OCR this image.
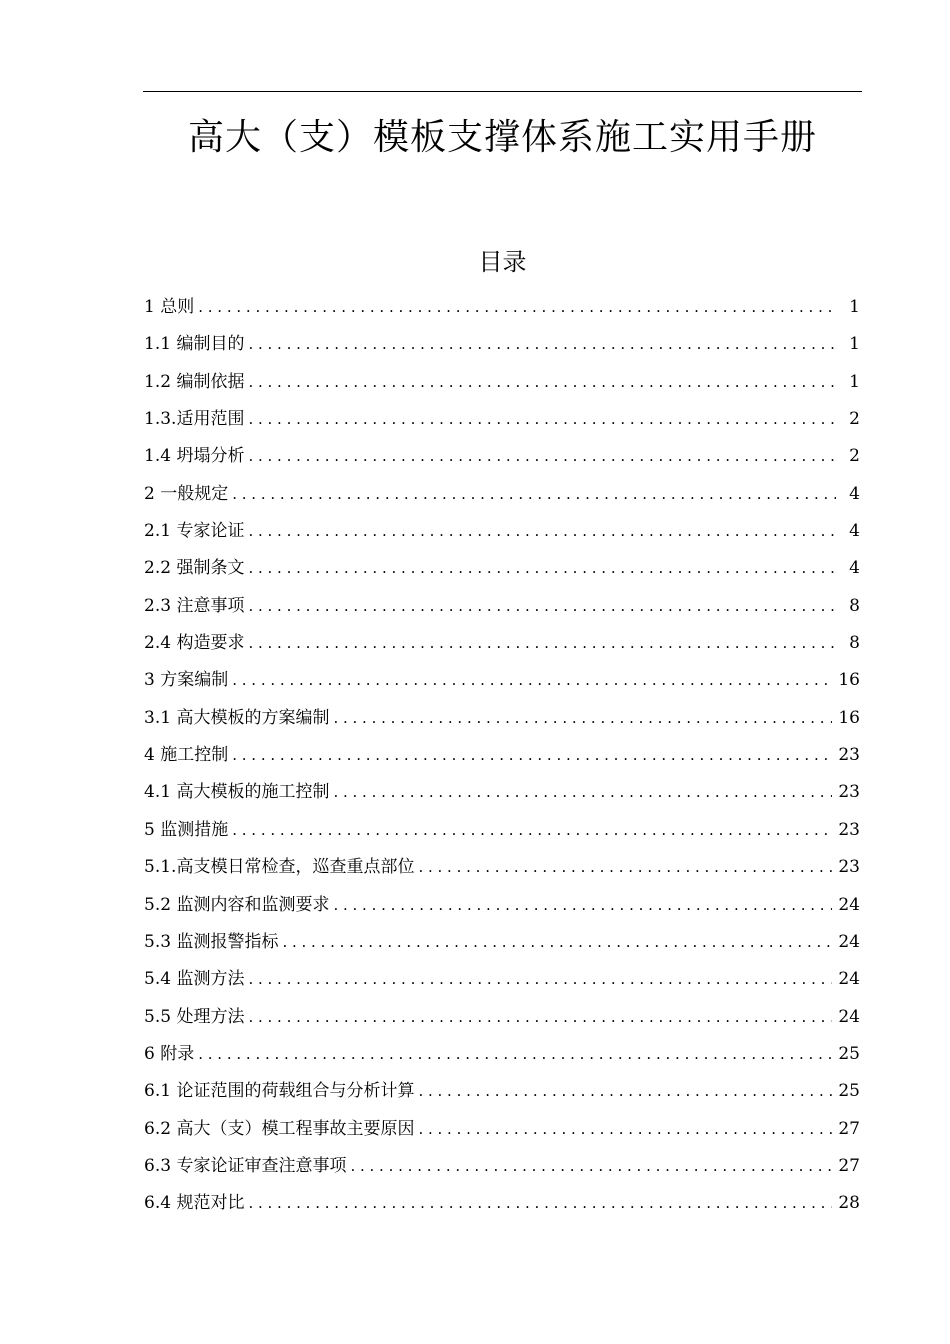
高大（支）模板支撑体系施工实用手册
目录
1 总则 . . .	1
1.1 编制目的 . . .	1
1.2 编制依据 . . .	1
1.3.适用范围 . . .	2
1.4 坍塌分析 . . .	2
2 一般规定 . . .	4
2.1 专家论证 . . .	4
2.2 强制条文 . . .	4
2.3 注意事项 . . .	8
2.4 构造要求 . . .	8
3 方案编制 . . .	16
3.1 高大模板的方案编制 . . .	16
4 施工控制 . . .	23
4.1 高大模板的施工控制 . . .	23
5 监测措施 . . .	23
5.1.高支模日常检查，巡查重点部位 . . .	23
5.2 监测内容和监测要求 . . .	24
5.3 监测报警指标 . . .	24
5.4 监测方法 . . .	24
5.5 处理方法 . . .	24
6 附录 . . .	25
6.1 论证范围的荷载组合与分析计算 . . .	25
6.2 高大（支）模工程事故主要原因 . . .	27
6.3 专家论证审查注意事项 . . .	27
6.4 规范对比 . . .	28
